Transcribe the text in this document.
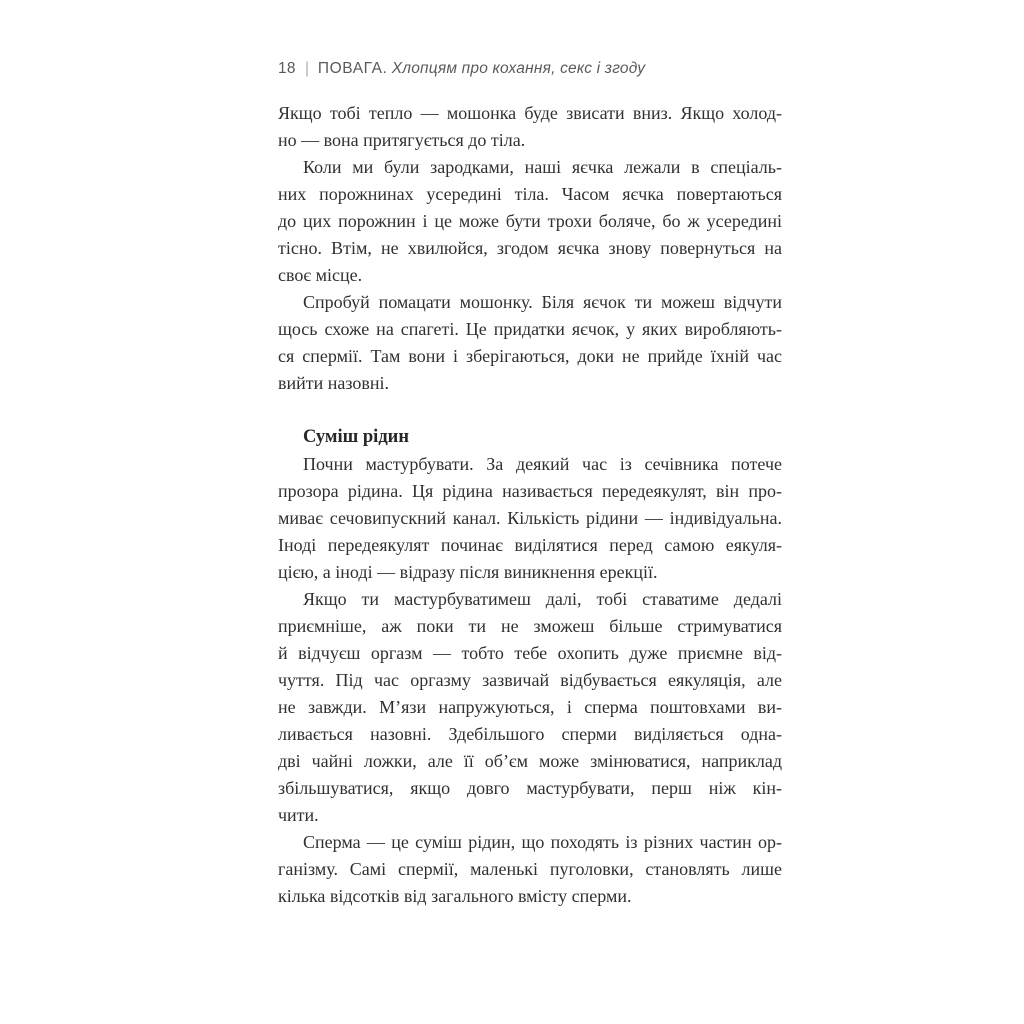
18 | ПОВАГА. Хлопцям про кохання, секс і згоду
Якщо тобі тепло — мошонка буде звисати вниз. Якщо холод-
но — вона притягується до тіла.
Коли ми були зародками, наші яєчка лежали в спеціаль-
них порожнинах усередині тіла. Часом яєчка повертаються
до цих порожнин і це може бути трохи боляче, бо ж усередині
тісно. Втім, не хвилюйся, згодом яєчка знову повернуться на
своє місце.
Спробуй помацати мошонку. Біля яєчок ти можеш відчути
щось схоже на спагеті. Це придатки яєчок, у яких виробляють-
ся спермії. Там вони і зберігаються, доки не прийде їхній час
вийти назовні.
Суміш рідин
Почни мастурбувати. За деякий час із сечівника потече
прозора рідина. Ця рідина називається передеякулят, він про-
миває сечовипускний канал. Кількість рідини — індивідуальна.
Іноді передеякулят починає виділятися перед самою еякуля-
цією, а іноді — відразу після виникнення ерекції.
Якщо ти мастурбуватимеш далі, тобі ставатиме дедалі
приємніше, аж поки ти не зможеш більше стримуватися
й відчуєш оргазм — тобто тебе охопить дуже приємне від-
чуття. Під час оргазму зазвичай відбувається еякуляція, але
не завжди. М’язи напружуються, і сперма поштовхами ви-
ливається назовні. Здебільшого сперми виділяється одна-
дві чайні ложки, але її об’єм може змінюватися, наприклад
збільшуватися, якщо довго мастурбувати, перш ніж кін-
чити.
Сперма — це суміш рідин, що походять із різних частин ор-
ганізму. Самі спермії, маленькі пуголовки, становлять лише
кілька відсотків від загального вмісту сперми.
